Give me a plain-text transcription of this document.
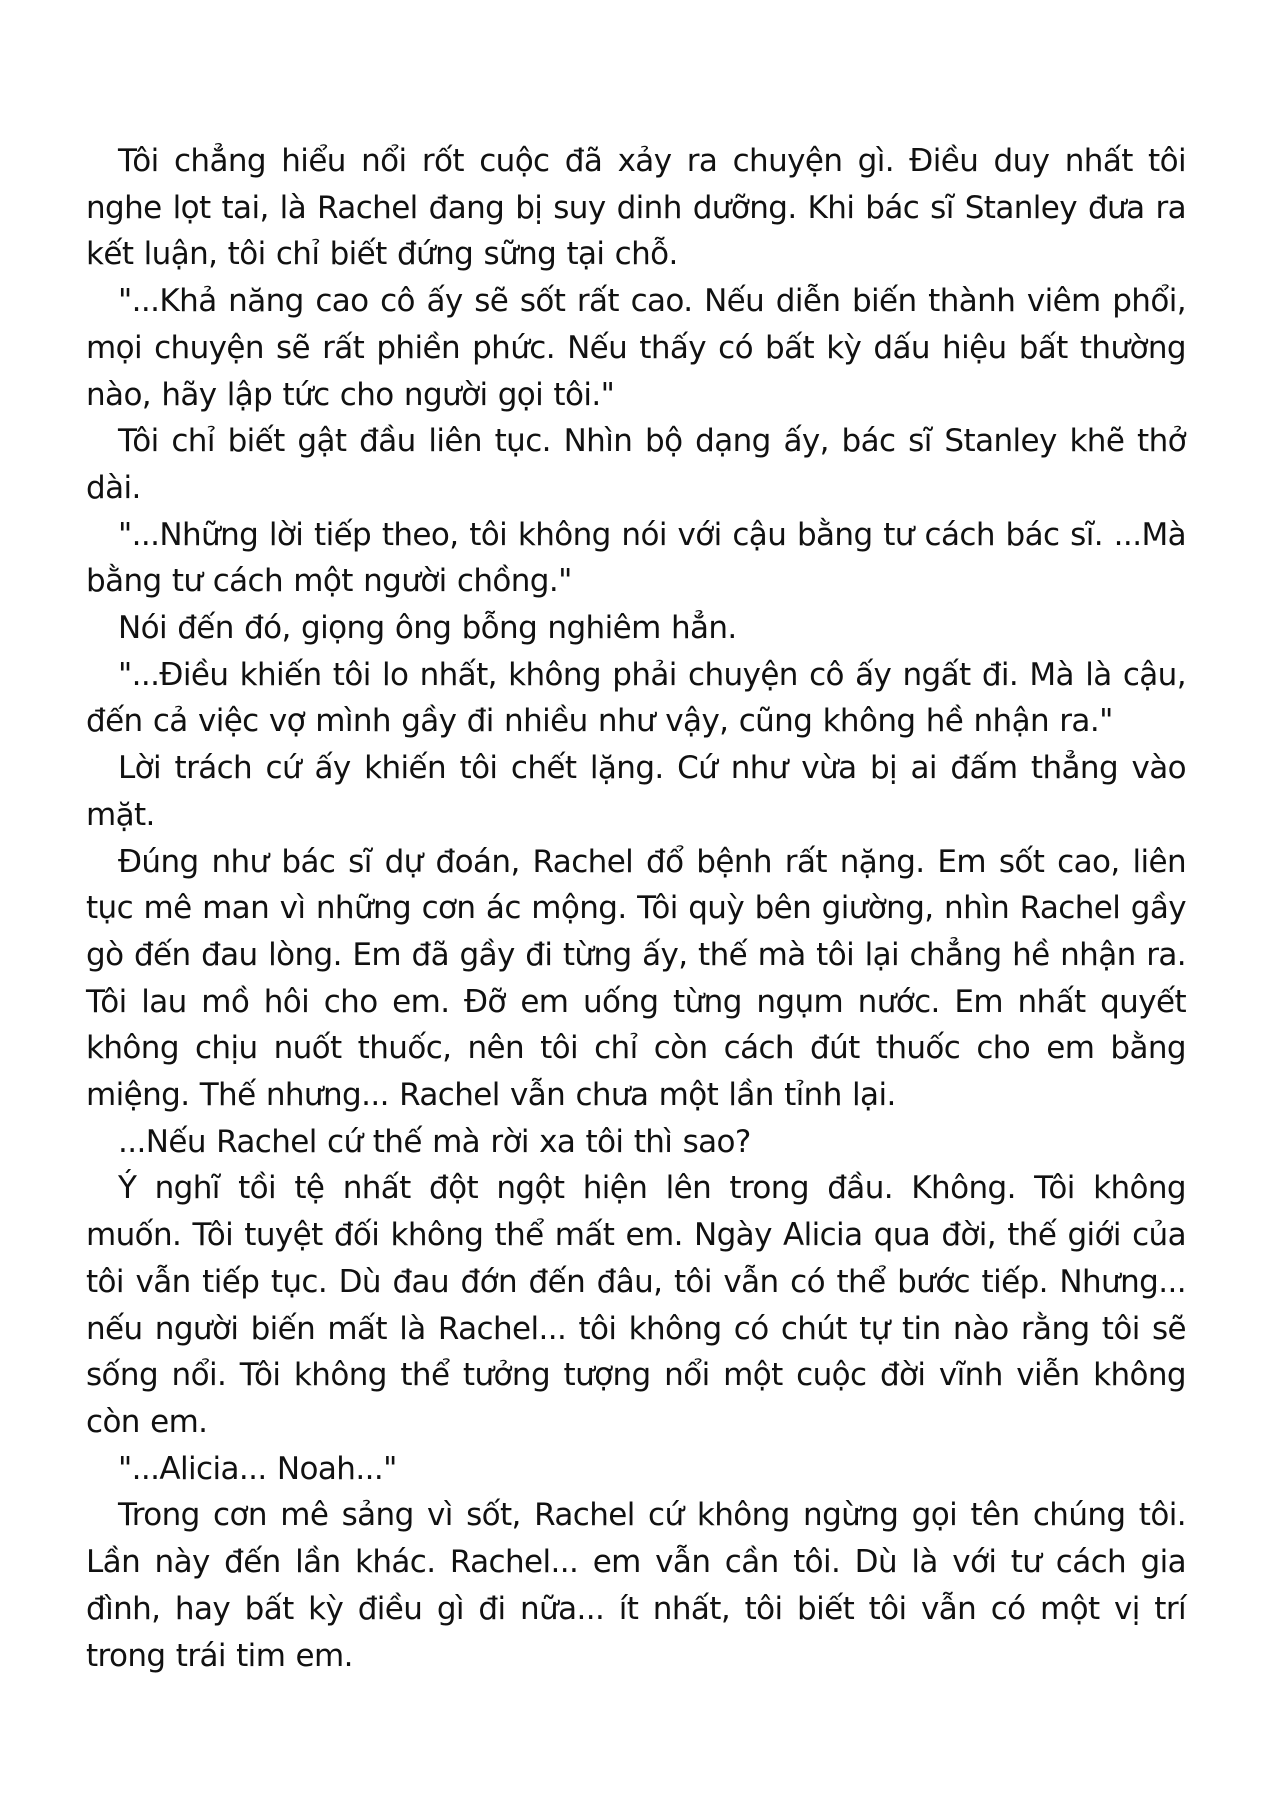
Tôi chẳng hiểu nổi rốt cuộc đã xảy ra chuyện gì. Điều duy nhất tôi nghe lọt tai, là Rachel đang bị suy dinh dưỡng. Khi bác sĩ Stanley đưa ra kết luận, tôi chỉ biết đứng sững tại chỗ.

"...Khả năng cao cô ấy sẽ sốt rất cao. Nếu diễn biến thành viêm phổi, mọi chuyện sẽ rất phiền phức. Nếu thấy có bất kỳ dấu hiệu bất thường nào, hãy lập tức cho người gọi tôi."

Tôi chỉ biết gật đầu liên tục. Nhìn bộ dạng ấy, bác sĩ Stanley khẽ thở dài.

"...Những lời tiếp theo, tôi không nói với cậu bằng tư cách bác sĩ. ...Mà bằng tư cách một người chồng."

Nói đến đó, giọng ông bỗng nghiêm hẳn.

"...Điều khiến tôi lo nhất, không phải chuyện cô ấy ngất đi. Mà là cậu, đến cả việc vợ mình gầy đi nhiều như vậy, cũng không hề nhận ra."

Lời trách cứ ấy khiến tôi chết lặng. Cứ như vừa bị ai đấm thẳng vào mặt.

Đúng như bác sĩ dự đoán, Rachel đổ bệnh rất nặng. Em sốt cao, liên tục mê man vì những cơn ác mộng. Tôi quỳ bên giường, nhìn Rachel gầy gò đến đau lòng. Em đã gầy đi từng ấy, thế mà tôi lại chẳng hề nhận ra. Tôi lau mồ hôi cho em. Đỡ em uống từng ngụm nước. Em nhất quyết không chịu nuốt thuốc, nên tôi chỉ còn cách đút thuốc cho em bằng miệng. Thế nhưng... Rachel vẫn chưa một lần tỉnh lại.

...Nếu Rachel cứ thế mà rời xa tôi thì sao?

Ý nghĩ tồi tệ nhất đột ngột hiện lên trong đầu. Không. Tôi không muốn. Tôi tuyệt đối không thể mất em. Ngày Alicia qua đời, thế giới của tôi vẫn tiếp tục. Dù đau đớn đến đâu, tôi vẫn có thể bước tiếp. Nhưng... nếu người biến mất là Rachel... tôi không có chút tự tin nào rằng tôi sẽ sống nổi. Tôi không thể tưởng tượng nổi một cuộc đời vĩnh viễn không còn em.

"...Alicia... Noah..."

Trong cơn mê sảng vì sốt, Rachel cứ không ngừng gọi tên chúng tôi. Lần này đến lần khác. Rachel... em vẫn cần tôi. Dù là với tư cách gia đình, hay bất kỳ điều gì đi nữa... ít nhất, tôi biết tôi vẫn có một vị trí trong trái tim em.
